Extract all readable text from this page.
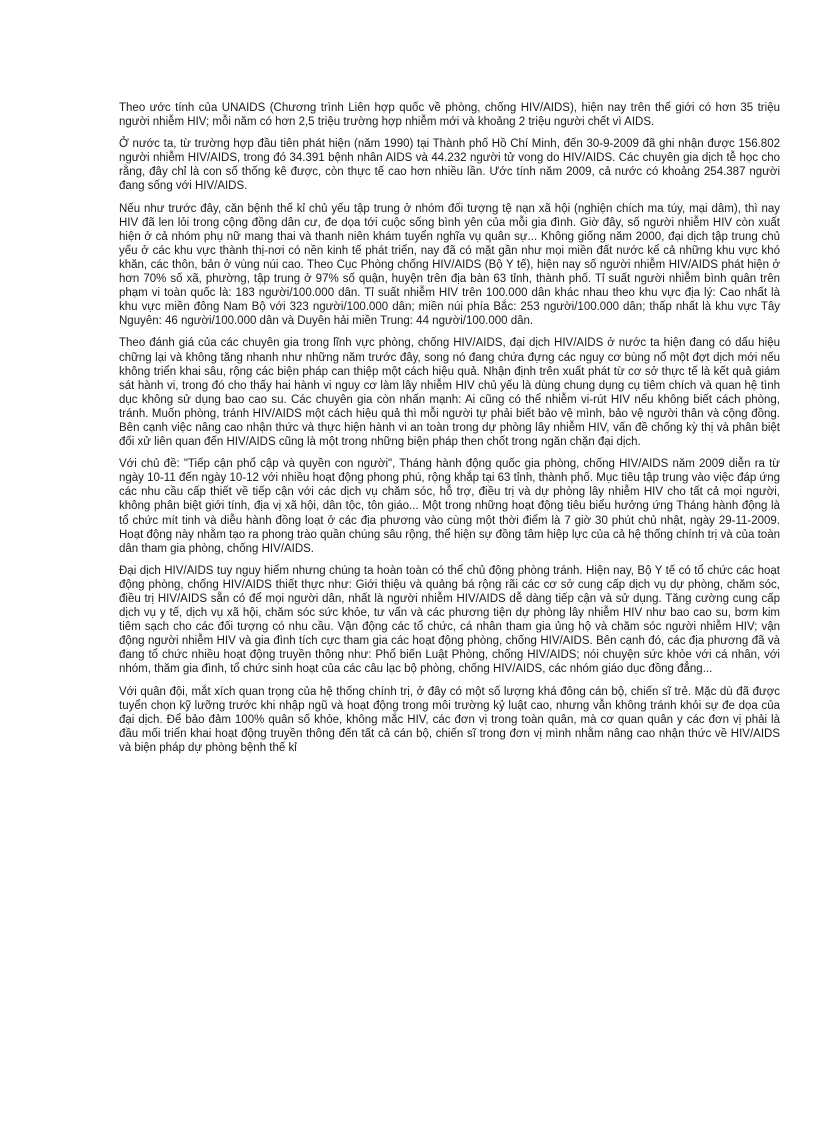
Theo ước tính của UNAIDS (Chương trình Liên hợp quốc về phòng, chống HIV/AIDS), hiện nay trên thế giới có hơn 35 triệu người nhiễm HIV; mỗi năm có hơn 2,5 triệu trường hợp nhiễm mới và khoảng 2 triệu người chết vì AIDS.

Ở nước ta, từ trường hợp đầu tiên phát hiện (năm 1990) tại Thành phố Hồ Chí Minh, đến 30-9-2009 đã ghi nhận được 156.802 người nhiễm HIV/AIDS, trong đó 34.391 bệnh nhân AIDS và 44.232 người tử vong do HIV/AIDS. Các chuyên gia dịch tễ học cho rằng, đây chỉ là con số thống kê được, còn thực tế cao hơn nhiều lần. Ước tính năm 2009, cả nước có khoảng 254.387 người đang sống với HIV/AIDS.

Nếu như trước đây, căn bệnh thế kỉ chủ yếu tập trung ở nhóm đối tượng tệ nạn xã hội (nghiện chích ma túy, mại dâm), thì nay HIV đã len lỏi trong cộng đồng dân cư, đe dọa tới cuộc sống bình yên của mỗi gia đình. Giờ đây, số người nhiễm HIV còn xuất hiện ở cả nhóm phụ nữ mang thai và thanh niên khám tuyển nghĩa vụ quân sự... Không giống năm 2000, đại dịch tập trung chủ yếu ở các khu vực thành thị-nơi có nền kinh tế phát triển, nay đã có mặt gần như mọi miền đất nước kể cả những khu vực khó khăn, các thôn, bản ở vùng núi cao. Theo Cục Phòng chống HIV/AIDS (Bộ Y tế), hiện nay số người nhiễm HIV/AIDS phát hiện ở hơn 70% số xã, phường, tập trung ở 97% số quận, huyện trên địa bàn 63 tỉnh, thành phố. Tỉ suất người nhiễm bình quân trên phạm vi toàn quốc là: 183 người/100.000 dân. Tỉ suất nhiễm HIV trên 100.000 dân khác nhau theo khu vực địa lý: Cao nhất là khu vực miền đông Nam Bộ với 323 người/100.000 dân; miền núi phía Bắc: 253 người/100.000 dân; thấp nhất là khu vực Tây Nguyên: 46 người/100.000 dân và Duyên hải miền Trung: 44 người/100.000 dân.

Theo đánh giá của các chuyên gia trong lĩnh vực phòng, chống HIV/AIDS, đại dịch HIV/AIDS ở nước ta hiện đang có dấu hiệu chững lại và không tăng nhanh như những năm trước đây, song nó đang chứa đựng các nguy cơ bùng nổ một đợt dịch mới nếu không triển khai sâu, rộng các biện pháp can thiệp một cách hiệu quả. Nhận định trên xuất phát từ cơ sở thực tế là kết quả giám sát hành vi, trong đó cho thấy hai hành vi nguy cơ làm lây nhiễm HIV chủ yếu là dùng chung dụng cụ tiêm chích và quan hệ tình dục không sử dụng bao cao su. Các chuyên gia còn nhấn mạnh: Ai cũng có thể nhiễm vi-rút HIV nếu không biết cách phòng, tránh. Muốn phòng, tránh HIV/AIDS một cách hiệu quả thì mỗi người tự phải biết bảo vệ mình, bảo vệ người thân và cộng đồng. Bên cạnh việc nâng cao nhận thức và thực hiện hành vi an toàn trong dự phòng lây nhiễm HIV, vấn đề chống kỳ thị và phân biệt đối xử liên quan đến HIV/AIDS cũng là một trong những biện pháp then chốt trong ngăn chặn đại dịch.

Với chủ đề: "Tiếp cận phổ cập và quyền con người", Tháng hành động quốc gia phòng, chống HIV/AIDS năm 2009 diễn ra từ ngày 10-11 đến ngày 10-12 với nhiều hoạt động phong phú, rộng khắp tại 63 tỉnh, thành phố. Mục tiêu tập trung vào việc đáp ứng các nhu cầu cấp thiết về tiếp cận với các dịch vụ chăm sóc, hỗ trợ, điều trị và dự phòng lây nhiễm HIV cho tất cả mọi người, không phân biệt giới tính, địa vị xã hội, dân tộc, tôn giáo... Một trong những hoạt động tiêu biểu hưởng ứng Tháng hành động là tổ chức mít tinh và diễu hành đồng loạt ở các địa phương vào cùng một thời điểm là 7 giờ 30 phút chủ nhật, ngày 29-11-2009. Hoạt động này nhằm tạo ra phong trào quần chúng sâu rộng, thể hiện sự đồng tâm hiệp lực của cả hệ thống chính trị và của toàn dân tham gia phòng, chống HIV/AIDS.

Đại dịch HIV/AIDS tuy nguy hiểm nhưng chúng ta hoàn toàn có thể chủ động phòng tránh. Hiện nay, Bộ Y tế có tổ chức các hoạt động phòng, chống HIV/AIDS thiết thực như: Giới thiệu và quảng bá rộng rãi các cơ sở cung cấp dịch vụ dự phòng, chăm sóc, điều trị HIV/AIDS sẵn có để mọi người dân, nhất là người nhiễm HIV/AIDS dễ dàng tiếp cận và sử dụng. Tăng cường cung cấp dịch vụ y tế, dịch vụ xã hội, chăm sóc sức khỏe, tư vấn và các phương tiện dự phòng lây nhiễm HIV như bao cao su, bơm kim tiêm sạch cho các đối tượng có nhu cầu. Vận động các tổ chức, cá nhân tham gia ủng hộ và chăm sóc người nhiễm HIV; vận động người nhiễm HIV và gia đình tích cực tham gia các hoạt động phòng, chống HIV/AIDS. Bên cạnh đó, các địa phương đã và đang tổ chức nhiều hoạt động truyền thông như: Phổ biến Luật Phòng, chống HIV/AIDS; nói chuyện sức khỏe với cá nhân, với nhóm, thăm gia đình, tổ chức sinh hoạt của các câu lạc bộ phòng, chống HIV/AIDS, các nhóm giáo dục đồng đẳng...

Với quân đội, mắt xích quan trọng của hệ thống chính trị, ở đây có một số lượng khá đông cán bộ, chiến sĩ trẻ. Mặc dù đã được tuyển chọn kỹ lưỡng trước khi nhập ngũ và hoạt động trong môi trường kỷ luật cao, nhưng vẫn không tránh khỏi sự đe dọa của đại dịch. Để bảo đảm 100% quân số khỏe, không mắc HIV, các đơn vị trong toàn quân, mà cơ quan quân y các đơn vị phải là đầu mối triển khai hoạt động truyền thông đến tất cả cán bộ, chiến sĩ trong đơn vị mình nhằm nâng cao nhận thức về HIV/AIDS và biện pháp dự phòng bệnh thế kỉ
